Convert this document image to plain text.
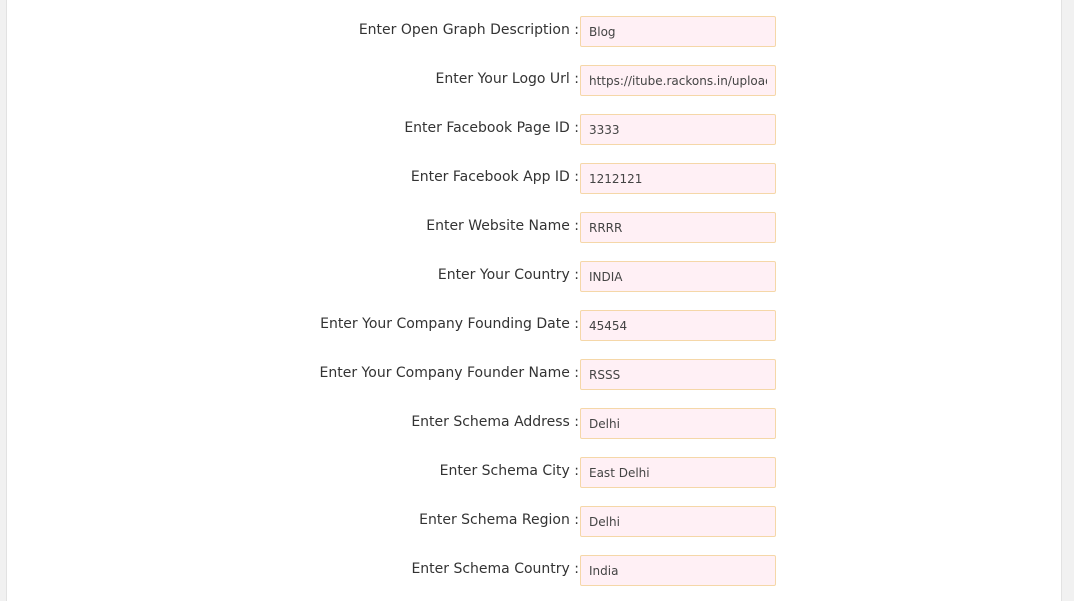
Enter Open Graph Description :
Blog
Enter Your Logo Url :
https://itube.rackons.in/upload/p
Enter Facebook Page ID :
3333
Enter Facebook App ID :
1212121
Enter Website Name :
RRRR
Enter Your Country :
INDIA
Enter Your Company Founding Date :
45454
Enter Your Company Founder Name :
RSSS
Enter Schema Address :
Delhi
Enter Schema City :
East Delhi
Enter Schema Region :
Delhi
Enter Schema Country :
India
